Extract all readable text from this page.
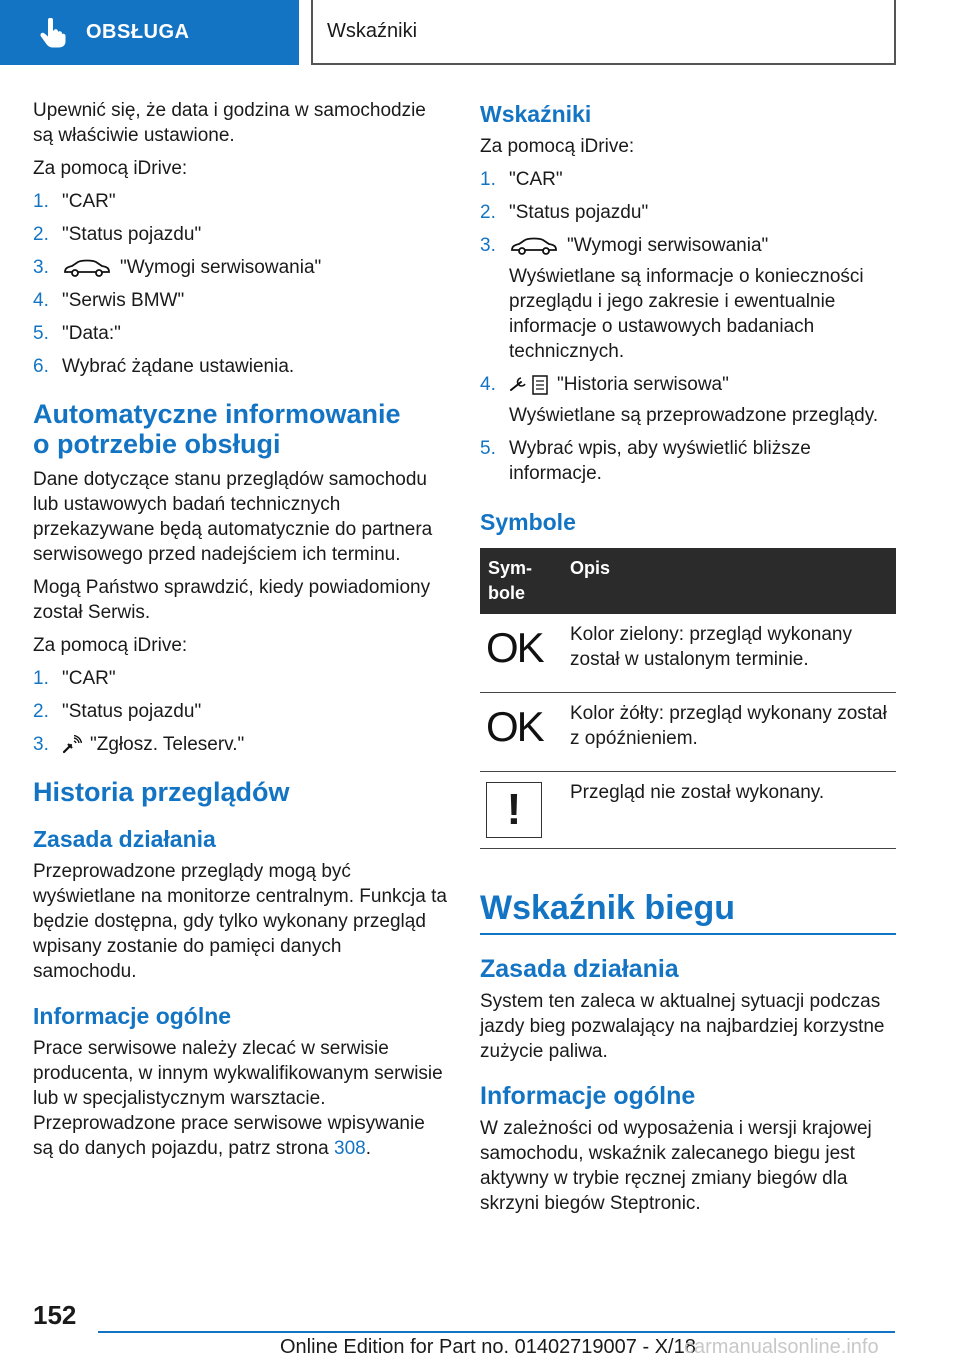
OBSŁUGA	Wskaźniki

Upewnić się, że data i godzina w samochodzie są właściwie ustawione.

Za pomocą iDrive:

1. "CAR"
2. "Status pojazdu"
3.	"Wymogi serwisowania"
4. "Serwis BMW"
5. "Data:"
6. Wybrać żądane ustawienia.
Automatyczne informowanie
o potrzebie obsługi

Dane dotyczące stanu przeglądów samochodu lub ustawowych badań technicznych przekazywane będą automatycznie do partnera serwisowego przed nadejściem ich terminu.

Mogą Państwo sprawdzić, kiedy powiadomiony został Serwis.

Za pomocą iDrive:

1. "CAR"
2. "Status pojazdu"
3.	"Zgłosz. Teleserv."
Historia przeglądów
Zasada działania

Przeprowadzone przeglądy mogą być wyświetlane na monitorze centralnym. Funkcja ta będzie dostępna, gdy tylko wykonany przegląd wpisany zostanie do pamięci danych samochodu.

Informacje ogólne

Prace serwisowe należy zlecać w serwisie producenta, w innym wykwalifikowanym serwisie lub w specjalistycznym warsztacie. Przeprowadzone prace serwisowe wpisywanie są do danych pojazdu, patrz strona 308.

Wskaźniki

Za pomocą iDrive:

1. "CAR"
2. "Status pojazdu"
3.	"Wymogi serwisowania"
Wyświetlane są informacje o konieczności przeglądu i jego zakresie i ewentualnie informacje o ustawowych badaniach technicznych.
4.	"Historia serwisowa"
Wyświetlane są przeprowadzone przeglądy.
5. Wybrać wpis, aby wyświetlić bliższe informacje.
Symbole
Sym-bole	Opis
OK	Kolor zielony: przegląd wykonany został w ustalonym terminie.
OK	Kolor żółty: przegląd wykonany został z opóźnieniem.

!	Przegląd nie został wykonany.
Wskaźnik biegu
Zasada działania

System ten zaleca w aktualnej sytuacji podczas jazdy bieg pozwalający na najbardziej korzystne zużycie paliwa.

Informacje ogólne

W zależności od wyposażenia i wersji krajowej samochodu, wskaźnik zalecanego biegu jest aktywny w trybie ręcznej zmiany biegów dla skrzyni biegów Steptronic.

152
Online Edition for Part no. 01402719007 - X/18
carmanualsonline.info
